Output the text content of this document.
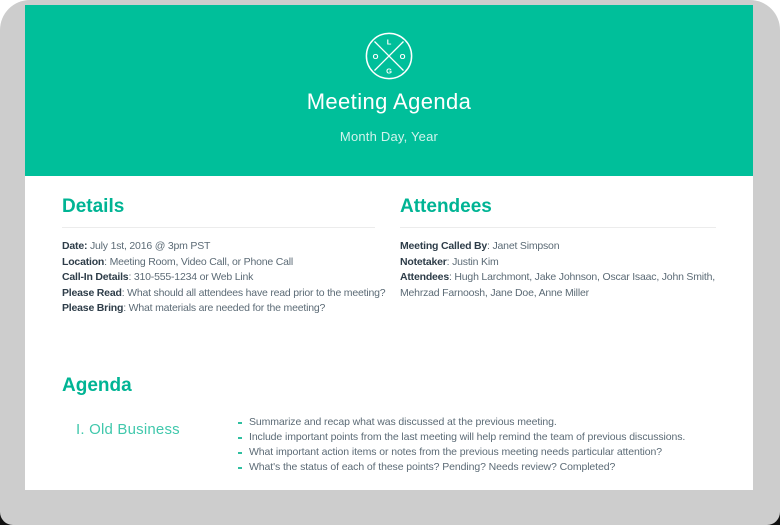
L
O	O
G
Meeting Agenda
Month Day, Year
Details
Date: July 1st, 2016 @ 3pm PST
Location: Meeting Room, Video Call, or Phone Call
Call-In Details: 310-555-1234 or Web Link
Please Read: What should all attendees have read prior to the meeting?
Please Bring: What materials are needed for the meeting?
Attendees
Meeting Called By: Janet Simpson
Notetaker: Justin Kim
Attendees: Hugh Larchmont, Jake Johnson, Oscar Isaac, John Smith, Mehrzad Farnoosh, Jane Doe, Anne Miller
Agenda
I. Old Business	Summarize and recap what was discussed at the previous meeting.
Include important points from the last meeting will help remind the team of previous discussions.
What important action items or notes from the previous meeting needs particular attention?
What's the status of each of these points? Pending? Needs review? Completed?
